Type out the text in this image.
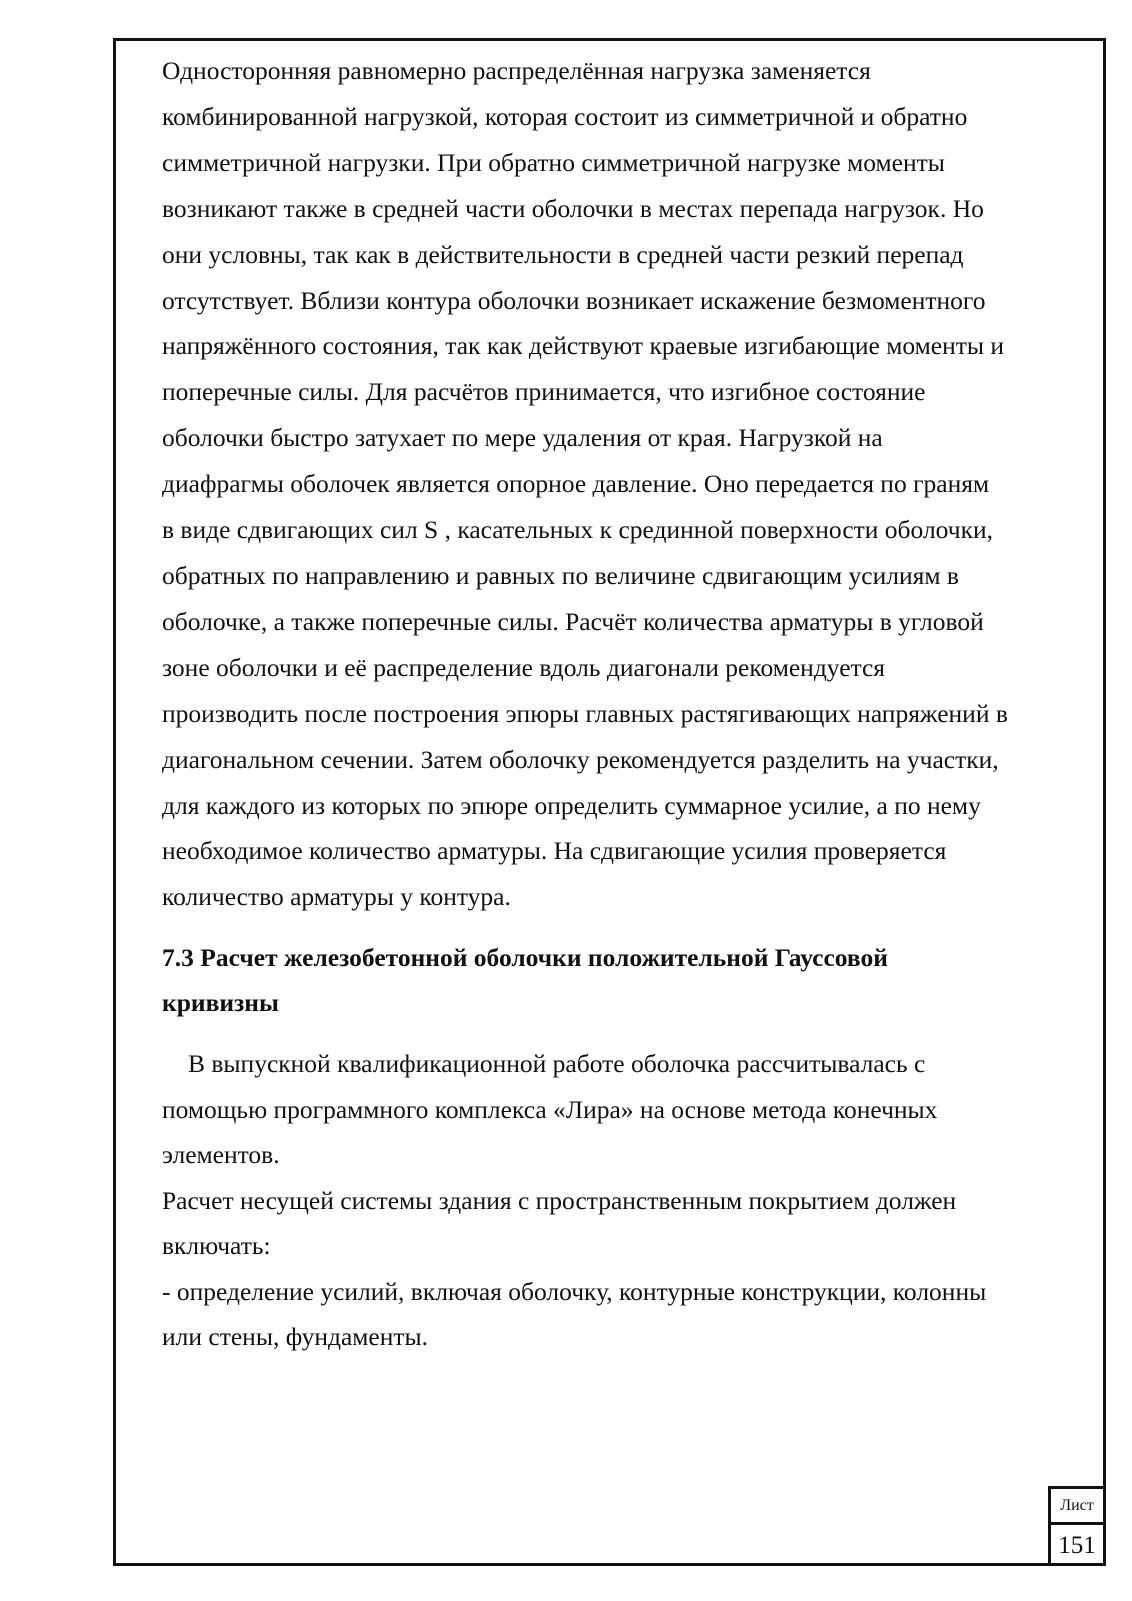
Односторонняя равномерно распределённая нагрузка заменяется

комбинированной нагрузкой, которая состоит из симметричной и обратно

симметричной нагрузки. При обратно симметричной нагрузке моменты

возникают также в средней части оболочки в местах перепада нагрузок. Но

они условны, так как в действительности в средней части резкий перепад

отсутствует. Вблизи контура оболочки возникает искажение безмоментного

напряжённого состояния, так как действуют краевые изгибающие моменты и

поперечные силы. Для расчётов принимается, что изгибное состояние

оболочки быстро затухает по мере удаления от края. Нагрузкой на

диафрагмы оболочек является опорное давление. Оно передается по граням

в виде сдвигающих сил S , касательных к срединной поверхности оболочки,

обратных по направлению и равных по величине сдвигающим усилиям в

оболочке, а также поперечные силы. Расчёт количества арматуры в угловой

зоне оболочки и её распределение вдоль диагонали рекомендуется

производить после построения эпюры главных растягивающих напряжений в

диагональном сечении. Затем оболочку рекомендуется разделить на участки,

для каждого из которых по эпюре определить суммарное усилие, а по нему

необходимое количество арматуры. На сдвигающие усилия проверяется

количество арматуры у контура.

7.3 Расчет железобетонной оболочки положительной Гауссовой

кривизны

В выпускной квалификационной работе оболочка рассчитывалась с

помощью программного комплекса «Лира» на основе метода конечных

элементов.

Расчет несущей системы здания с пространственным покрытием должен

включать:

- определение усилий, включая оболочку, контурные конструкции, колонны

или стены, фундаменты.

Лист
151
